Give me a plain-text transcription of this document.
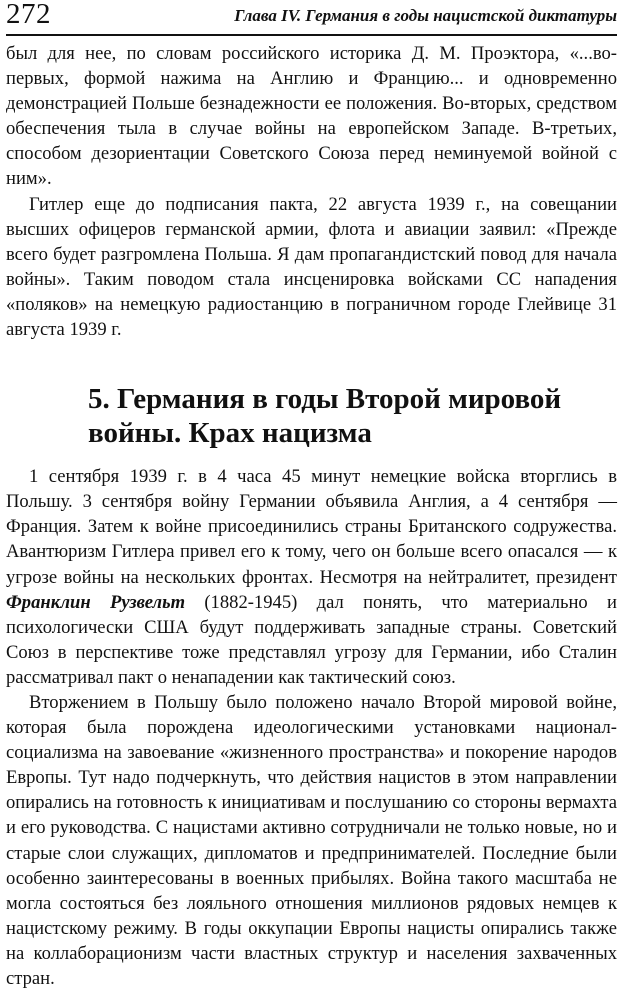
272	Глава IV. Германия в годы нацистской диктатуры

был для нее, по словам российского историка Д. М. Проэктора, «...во-первых, формой нажима на Англию и Францию... и одновременно демонстрацией Польше безнадежности ее положения. Во-вторых, средством обеспечения тыла в случае войны на европейском Западе. В-третьих, способом дезориентации Советского Союза перед неминуемой войной с ним».

Гитлер еще до подписания пакта, 22 августа 1939 г., на совещании высших офицеров германской армии, флота и авиации заявил: «Прежде всего будет разгромлена Польша. Я дам пропагандистский повод для начала войны». Таким поводом стала инсценировка войсками СС нападения «поляков» на немецкую радиостанцию в пограничном городе Глейвице 31 августа 1939 г.

5. Германия в годы Второй мировой войны. Крах нацизма

1 сентября 1939 г. в 4 часа 45 минут немецкие войска вторглись в Польшу. 3 сентября войну Германии объявила Англия, а 4 сентября — Франция. Затем к войне присоединились страны Британского содружества. Авантюризм Гитлера привел его к тому, чего он больше всего опасался — к угрозе войны на нескольких фронтах. Несмотря на нейтралитет, президент Франклин Рузвельт (1882-1945) дал понять, что материально и психологически США будут поддерживать западные страны. Советский Союз в перспективе тоже представлял угрозу для Германии, ибо Сталин рассматривал пакт о ненападении как тактический союз.

Вторжением в Польшу было положено начало Второй мировой войне, которая была порождена идеологическими установками национал-социализма на завоевание «жизненного пространства» и покорение народов Европы. Тут надо подчеркнуть, что действия нацистов в этом направлении опирались на готовность к инициативам и послушанию со стороны вермахта и его руководства. С нацистами активно сотрудничали не только новые, но и старые слои служащих, дипломатов и предпринимателей. Последние были особенно заинтересованы в военных прибылях. Война такого масштаба не могла состояться без лояльного отношения миллионов рядовых немцев к нацистскому режиму. В годы оккупации Европы нацисты опирались также на коллаборационизм части властных структур и населения захваченных стран.
